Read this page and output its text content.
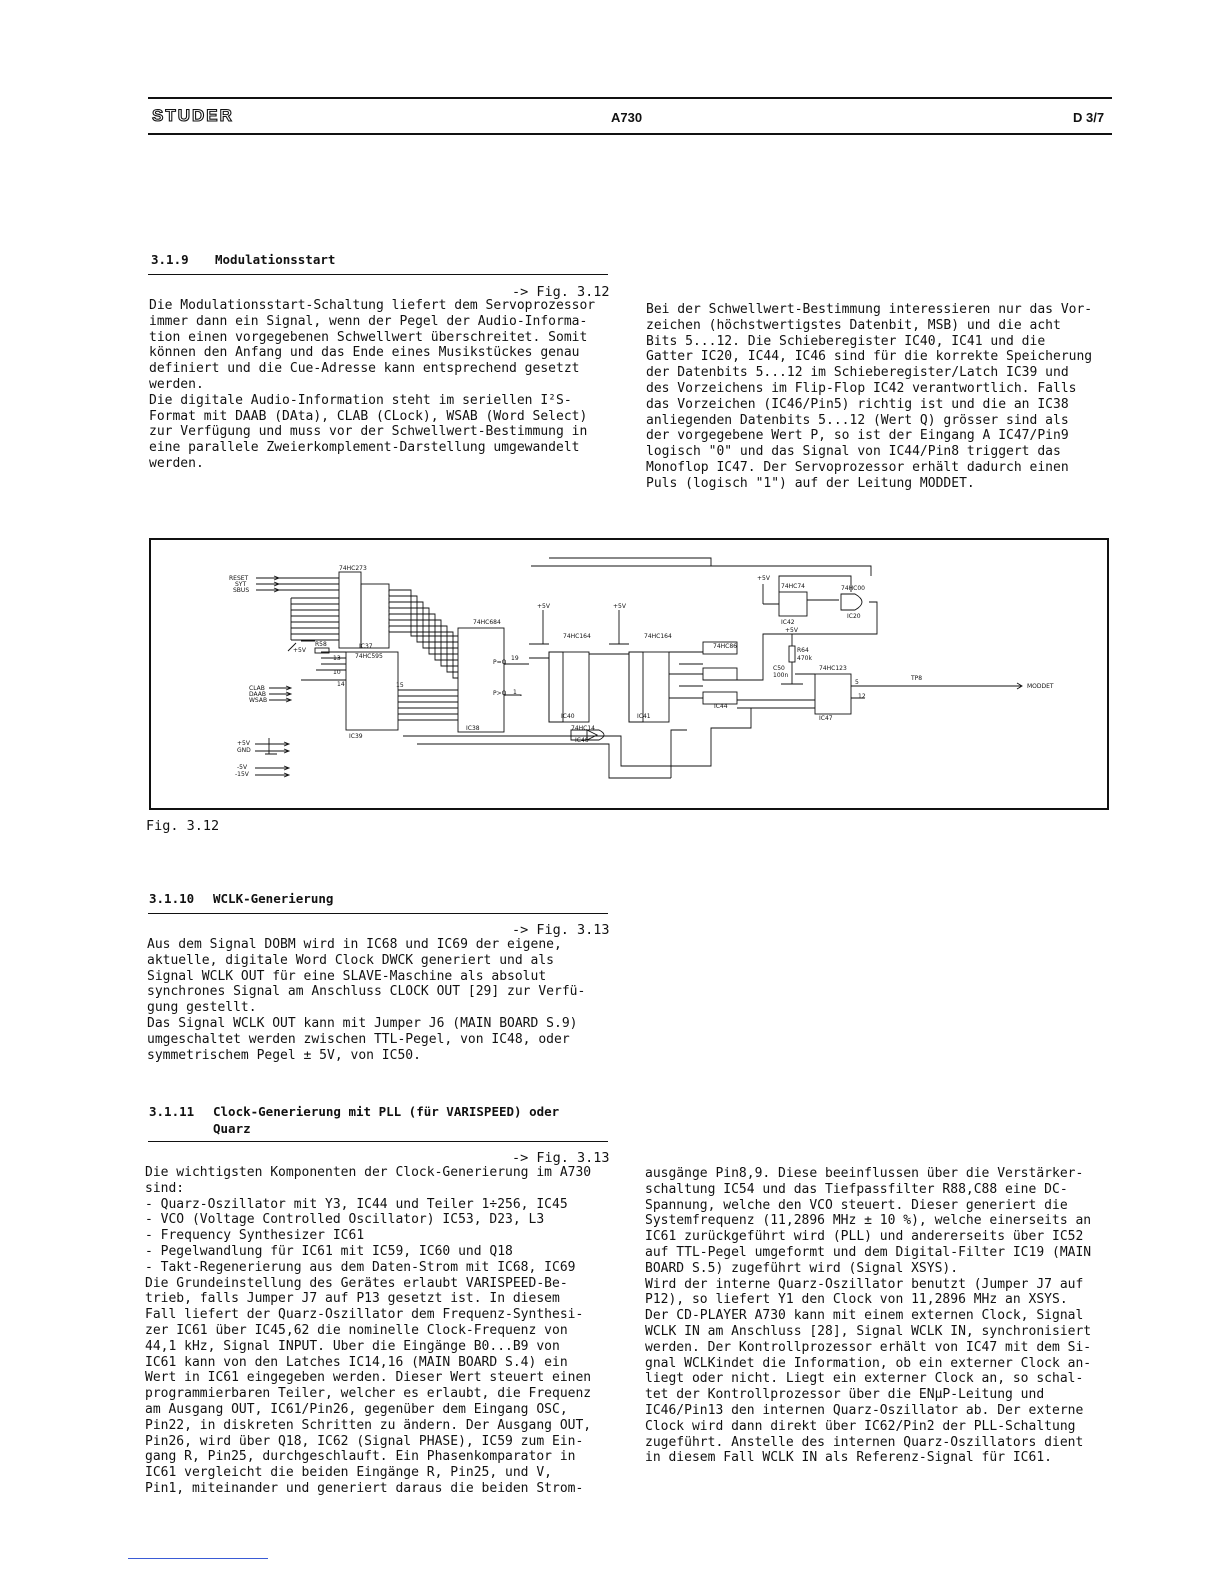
STUDER	A730	D 3/7
3.1.9 Modulationsstart
-> Fig. 3.12
Die Modulationsstart-Schaltung liefert dem Servoprozessor
immer dann ein Signal, wenn der Pegel der Audio-Informa-
tion einen vorgegebenen Schwellwert überschreitet. Somit
können den Anfang und das Ende eines Musikstückes genau
definiert und die Cue-Adresse kann entsprechend gesetzt
werden.
Die digitale Audio-Information steht im seriellen I²S-
Format mit DAAB (DAta), CLAB (CLock), WSAB (Word Select)
zur Verfügung und muss vor der Schwellwert-Bestimmung in
eine parallele Zweierkomplement-Darstellung umgewandelt
werden.
Bei der Schwellwert-Bestimmung interessieren nur das Vor-
zeichen (höchstwertigstes Datenbit, MSB) und die acht
Bits 5...12. Die Schieberegister IC40, IC41 und die
Gatter IC20, IC44, IC46 sind für die korrekte Speicherung
der Datenbits 5...12 im Schieberegister/Latch IC39 und
des Vorzeichens im Flip-Flop IC42 verantwortlich. Falls
das Vorzeichen (IC46/Pin5) richtig ist und die an IC38
anliegenden Datenbits 5...12 (Wert Q) grösser sind als
der vorgegebene Wert P, so ist der Eingang A IC47/Pin9
logisch "0" und das Signal von IC44/Pin8 triggert das
Monoflop IC47. Der Servoprozessor erhält dadurch einen
Puls (logisch "1") auf der Leitung MODDET.
RESET
SYT
SBUS
CLAB
DAAB
WSAB
+5V
GND
-5V
-15V
74HC273
IC37
74HC595
IC39
74HC684
IC38
74HC164
IC40
74HC164
IC41
74HC14
IC46
74HC86
IC44
74HC74
IC42
74HC00
IC20
74HC123
IC47
R58
R64
470k
C50
100n	TP8
+5V	+5V
+5V
+5V
+5V
19
15
14
13
12
10
1
5
P=Q
P>Q
MODDET
Fig. 3.12
3.1.10 WCLK-Generierung
-> Fig. 3.13
Aus dem Signal DOBM wird in IC68 und IC69 der eigene,
aktuelle, digitale Word Clock DWCK generiert und als
Signal WCLK OUT für eine SLAVE-Maschine als absolut
synchrones Signal am Anschluss CLOCK OUT [29] zur Verfü-
gung gestellt.
Das Signal WCLK OUT kann mit Jumper J6 (MAIN BOARD S.9)
umgeschaltet werden zwischen TTL-Pegel, von IC48, oder
symmetrischem Pegel ± 5V, von IC50.
3.1.11 Clock-Generierung mit PLL (für VARISPEED) oder
Quarz
-> Fig. 3.13
Die wichtigsten Komponenten der Clock-Generierung im A730
sind:
- Quarz-Oszillator mit Y3, IC44 und Teiler 1÷256, IC45
- VCO (Voltage Controlled Oscillator) IC53, D23, L3
- Frequency Synthesizer IC61
- Pegelwandlung für IC61 mit IC59, IC60 und Q18
- Takt-Regenerierung aus dem Daten-Strom mit IC68, IC69
Die Grundeinstellung des Gerätes erlaubt VARISPEED-Be-
trieb, falls Jumper J7 auf P13 gesetzt ist. In diesem
Fall liefert der Quarz-Oszillator dem Frequenz-Synthesi-
zer IC61 über IC45,62 die nominelle Clock-Frequenz von
44,1 kHz, Signal INPUT. Über die Eingänge B0...B9 von
IC61 kann von den Latches IC14,16 (MAIN BOARD S.4) ein
Wert in IC61 eingegeben werden. Dieser Wert steuert einen
programmierbaren Teiler, welcher es erlaubt, die Frequenz
am Ausgang OUT, IC61/Pin26, gegenüber dem Eingang OSC,
Pin22, in diskreten Schritten zu ändern. Der Ausgang OUT,
Pin26, wird über Q18, IC62 (Signal PHASE), IC59 zum Ein-
gang R, Pin25, durchgeschlauft. Ein Phasenkomparator in
IC61 vergleicht die beiden Eingänge R, Pin25, und V,
Pin1, miteinander und generiert daraus die beiden Strom-
ausgänge Pin8,9. Diese beeinflussen über die Verstärker-
schaltung IC54 und das Tiefpassfilter R88,C88 eine DC-
Spannung, welche den VCO steuert. Dieser generiert die
Systemfrequenz (11,2896 MHz ± 10 %), welche einerseits an
IC61 zurückgeführt wird (PLL) und andererseits über IC52
auf TTL-Pegel umgeformt und dem Digital-Filter IC19 (MAIN
BOARD S.5) zugeführt wird (Signal XSYS).
Wird der interne Quarz-Oszillator benutzt (Jumper J7 auf
P12), so liefert Y1 den Clock von 11,2896 MHz an XSYS.
Der CD-PLAYER A730 kann mit einem externen Clock, Signal
WCLK IN am Anschluss [28], Signal WCLK IN, synchronisiert
werden. Der Kontrollprozessor erhält von IC47 mit dem Si-
gnal WCLKindet die Information, ob ein externer Clock an-
liegt oder nicht. Liegt ein externer Clock an, so schal-
tet der Kontrollprozessor über die ENµP-Leitung und
IC46/Pin13 den internen Quarz-Oszillator ab. Der externe
Clock wird dann direkt über IC62/Pin2 der PLL-Schaltung
zugeführt. Anstelle des internen Quarz-Oszillators dient
in diesem Fall WCLK IN als Referenz-Signal für IC61.
